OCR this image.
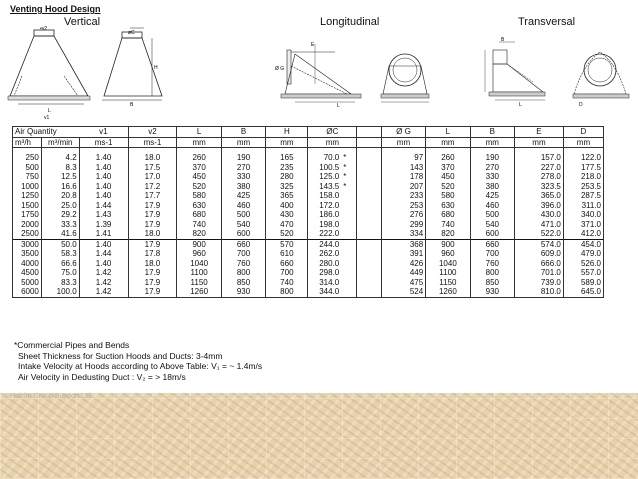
Venting Hood Design
Vertical	Longitudinal	Transversal
•v2
L
v1
øC
H
B
E
Ø G
L
B
L	D
Air Quantity		v1	v2	L	B	H	ØC			Ø G	L	B	E	D
m³/h	m³/min	ms-1	ms-1	mm	mm	mm	mm			mm	mm	mm	mm	mm

250	4.2	1.40	18.0	260	190	165	70.0	*		97	260	190	157.0	122.0
500	8.3	1.40	17.5	370	270	235	100.5	*		143	370	270	227.0	177.5
750	12.5	1.40	17.0	450	330	280	125.0	*		178	450	330	278.0	218.0
1000	16.6	1.40	17.2	520	380	325	143.5	*		207	520	380	323.5	253.5
1250	20.8	1.40	17.7	580	425	365	158.0			233	580	425	365.0	287.5
1500	25.0	1.44	17.9	630	460	400	172.0			253	630	460	396.0	311.0
1750	29.2	1.43	17.9	680	500	430	186.0			276	680	500	430.0	340.0
2000	33.3	1.39	17.9	740	540	470	198.0			299	740	540	471.0	371.0
2500	41.6	1.41	18.0	820	600	520	222.0			334	820	600	522.0	412.0
3000	50.0	1.40	17.9	900	660	570	244.0			368	900	660	574.0	454.0
3500	58.3	1.44	17.8	960	700	610	262.0			391	960	700	609.0	479.0
4000	66.6	1.40	18.0	1040	760	660	280.0			426	1040	760	666.0	526.0
4500	75.0	1.42	17.9	1100	800	700	298.0			449	1100	800	701.0	557.0
5000	83.3	1.42	17.9	1150	850	740	314.0			475	1150	850	739.0	589.0
6000	100.0	1.42	17.9	1260	930	800	344.0			524	1260	930	810.0	645.0
*Commercial Pipes and Bends
Sheet Thickness for Suction Hoods and Ducts: 3-4mm
Intake Velocity at Hoods according to Above Table: V₁ = ~ 1.4m/s
Air Velocity in Dedusting Duct : V₂ = > 18m/s
Holcim Group Support Ltd
